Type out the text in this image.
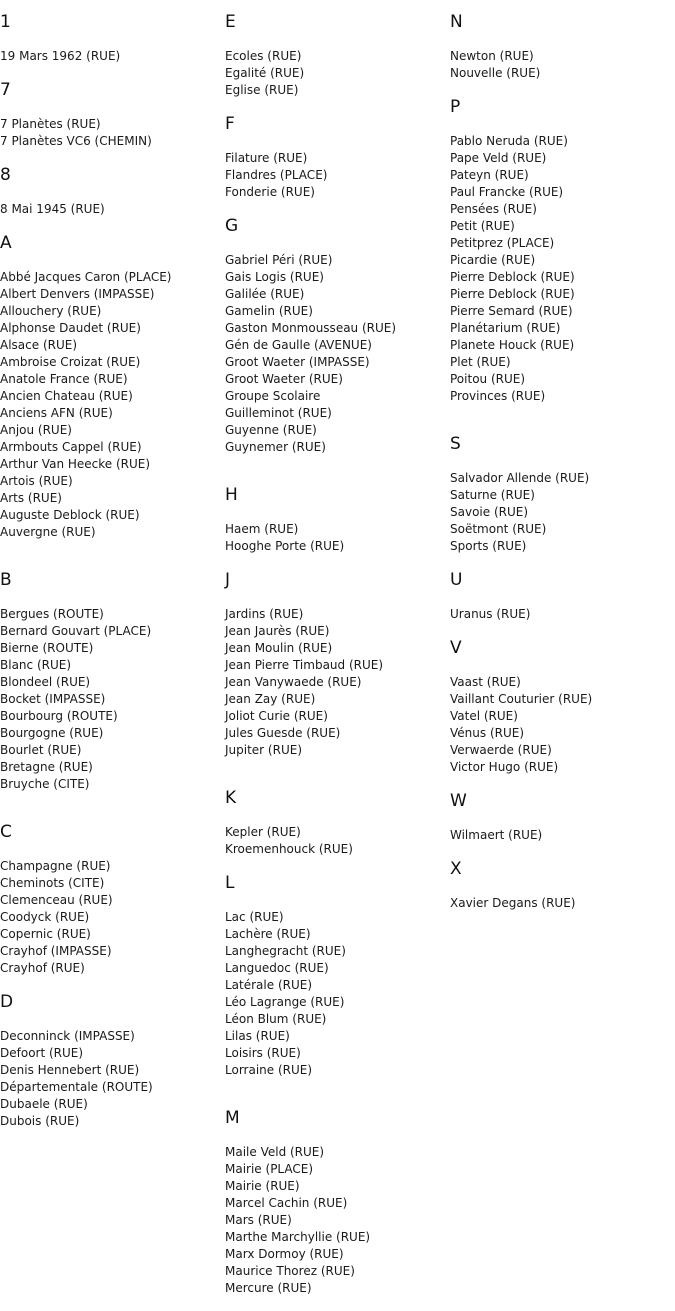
1
19 Mars 1962 (RUE)
7
7 Planètes (RUE)
7 Planètes VC6 (CHEMIN)
8
8 Mai 1945 (RUE)
A
Abbé Jacques Caron (PLACE)
Albert Denvers (IMPASSE)
Allouchery (RUE)
Alphonse Daudet (RUE)
Alsace (RUE)
Ambroise Croizat (RUE)
Anatole France (RUE)
Ancien Chateau (RUE)
Anciens AFN (RUE)
Anjou (RUE)
Armbouts Cappel (RUE)
Arthur Van Heecke (RUE)
Artois (RUE)
Arts (RUE)
Auguste Deblock (RUE)
Auvergne (RUE)
B
Bergues (ROUTE)
Bernard Gouvart (PLACE)
Bierne (ROUTE)
Blanc (RUE)
Blondeel (RUE)
Bocket (IMPASSE)
Bourbourg (ROUTE)
Bourgogne (RUE)
Bourlet (RUE)
Bretagne (RUE)
Bruyche (CITE)
C
Champagne (RUE)
Cheminots (CITE)
Clemenceau (RUE)
Coodyck (RUE)
Copernic (RUE)
Crayhof (IMPASSE)
Crayhof (RUE)
D
Deconninck (IMPASSE)
Defoort (RUE)
Denis Hennebert (RUE)
Départementale (ROUTE)
Dubaele (RUE)
Dubois (RUE)
E
Ecoles (RUE)
Egalité (RUE)
Eglise (RUE)
F
Filature (RUE)
Flandres (PLACE)
Fonderie (RUE)
G
Gabriel Péri (RUE)
Gais Logis (RUE)
Galilée (RUE)
Gamelin (RUE)
Gaston Monmousseau (RUE)
Gén de Gaulle (AVENUE)
Groot Waeter (IMPASSE)
Groot Waeter (RUE)
Groupe Scolaire
Guilleminot (RUE)
Guyenne (RUE)
Guynemer (RUE)
H
Haem (RUE)
Hooghe Porte (RUE)
J
Jardins (RUE)
Jean Jaurès (RUE)
Jean Moulin (RUE)
Jean Pierre Timbaud (RUE)
Jean Vanywaede (RUE)
Jean Zay (RUE)
Joliot Curie (RUE)
Jules Guesde (RUE)
Jupiter (RUE)
K
Kepler (RUE)
Kroemenhouck (RUE)
L
Lac (RUE)
Lachère (RUE)
Langhegracht (RUE)
Languedoc (RUE)
Latérale (RUE)
Léo Lagrange (RUE)
Léon Blum (RUE)
Lilas (RUE)
Loisirs (RUE)
Lorraine (RUE)
M
Maile Veld (RUE)
Mairie (PLACE)
Mairie (RUE)
Marcel Cachin (RUE)
Mars (RUE)
Marthe Marchyllie (RUE)
Marx Dormoy (RUE)
Maurice Thorez (RUE)
Mercure (RUE)
N
Newton (RUE)
Nouvelle (RUE)
P
Pablo Neruda (RUE)
Pape Veld (RUE)
Pateyn (RUE)
Paul Francke (RUE)
Pensées (RUE)
Petit (RUE)
Petitprez (PLACE)
Picardie (RUE)
Pierre Deblock (RUE)
Pierre Deblock (RUE)
Pierre Semard (RUE)
Planétarium (RUE)
Planete Houck (RUE)
Plet (RUE)
Poitou (RUE)
Provinces (RUE)
S
Salvador Allende (RUE)
Saturne (RUE)
Savoie (RUE)
Soëtmont (RUE)
Sports (RUE)
U
Uranus (RUE)
V
Vaast (RUE)
Vaillant Couturier (RUE)
Vatel (RUE)
Vénus (RUE)
Verwaerde (RUE)
Victor Hugo (RUE)
W
Wilmaert (RUE)
X
Xavier Degans (RUE)
